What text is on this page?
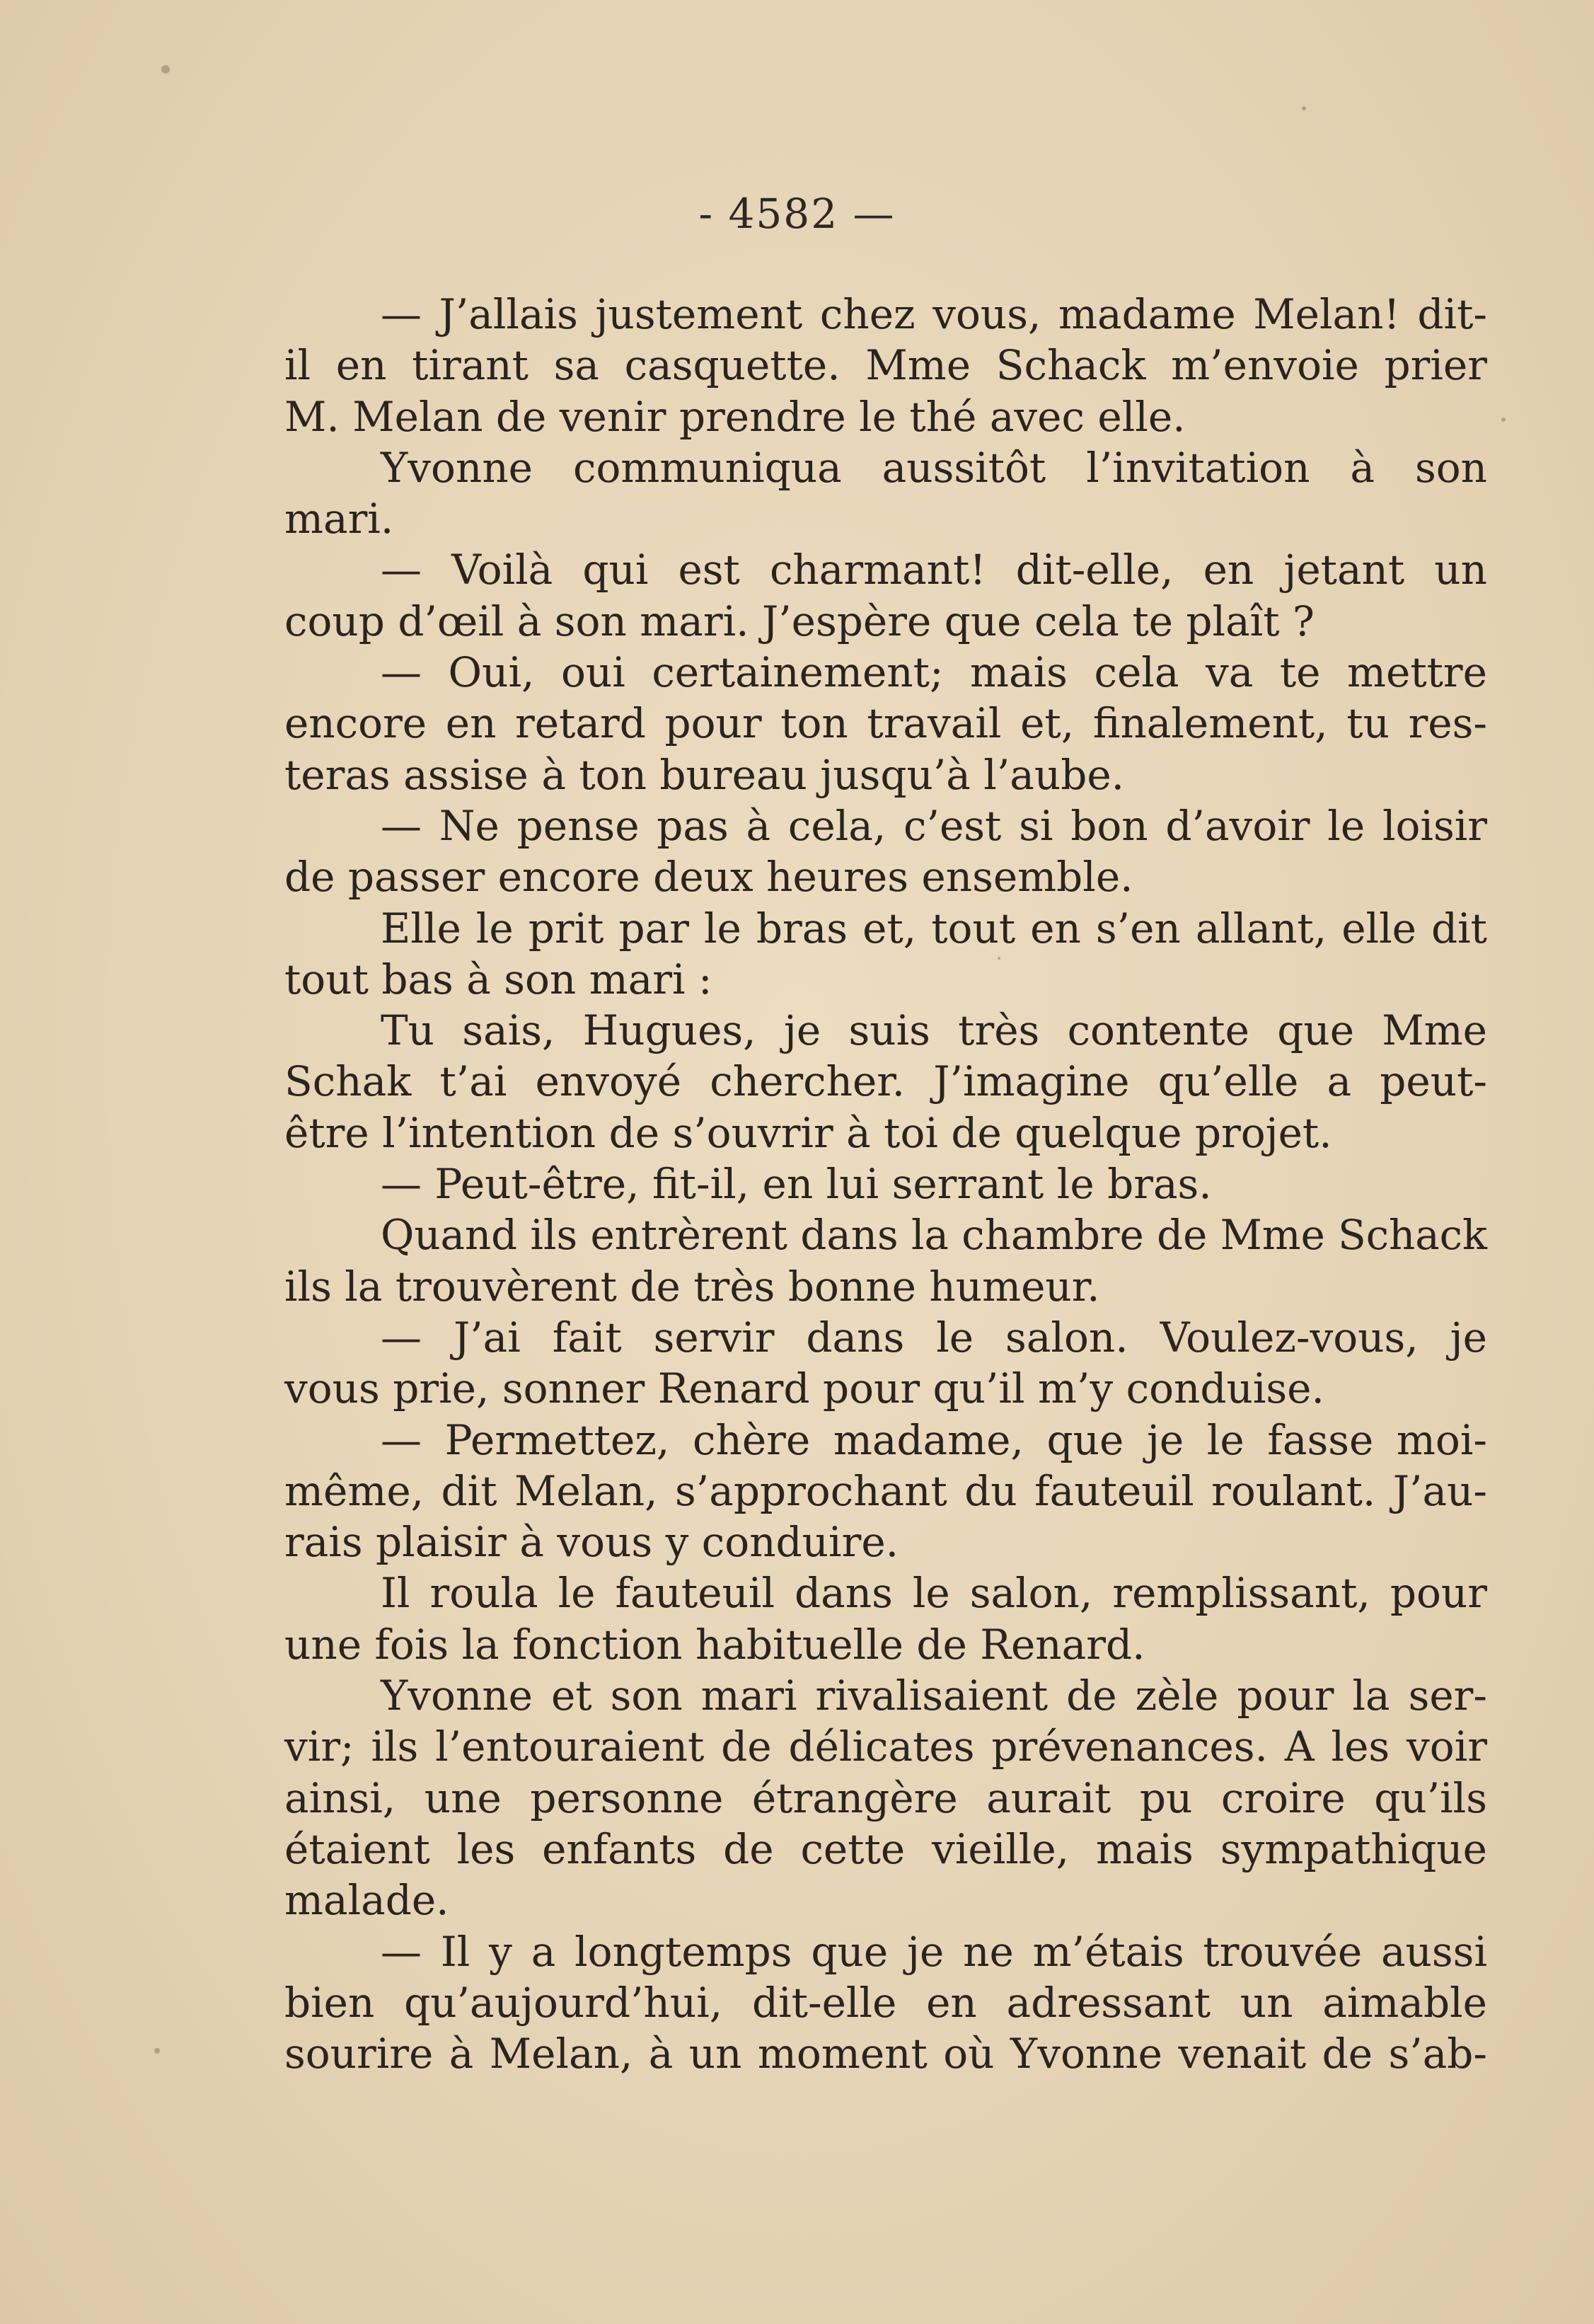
- 4582 —
— J’allais justement chez vous, madame Melan! dit-
il en tirant sa casquette. Mme Schack m’envoie prier
M. Melan de venir prendre le thé avec elle.
Yvonne communiqua aussitôt l’invitation à son
mari.
— Voilà qui est charmant! dit-elle, en jetant un
coup d’œil à son mari. J’espère que cela te plaît ?
— Oui, oui certainement; mais cela va te mettre
encore en retard pour ton travail et, finalement, tu res-
teras assise à ton bureau jusqu’à l’aube.
— Ne pense pas à cela, c’est si bon d’avoir le loisir
de passer encore deux heures ensemble.
Elle le prit par le bras et, tout en s’en allant, elle dit
tout bas à son mari :
Tu sais, Hugues, je suis très contente que Mme
Schak t’ai envoyé chercher. J’imagine qu’elle a peut-
être l’intention de s’ouvrir à toi de quelque projet.
— Peut-être, fit-il, en lui serrant le bras.
Quand ils entrèrent dans la chambre de Mme Schack
ils la trouvèrent de très bonne humeur.
— J’ai fait servir dans le salon. Voulez-vous, je
vous prie, sonner Renard pour qu’il m’y conduise.
— Permettez, chère madame, que je le fasse moi-
même, dit Melan, s’approchant du fauteuil roulant. J’au-
rais plaisir à vous y conduire.
Il roula le fauteuil dans le salon, remplissant, pour
une fois la fonction habituelle de Renard.
Yvonne et son mari rivalisaient de zèle pour la ser-
vir; ils l’entouraient de délicates prévenances. A les voir
ainsi, une personne étrangère aurait pu croire qu’ils
étaient les enfants de cette vieille, mais sympathique
malade.
— Il y a longtemps que je ne m’étais trouvée aussi
bien qu’aujourd’hui, dit-elle en adressant un aimable
sourire à Melan, à un moment où Yvonne venait de s’ab-
